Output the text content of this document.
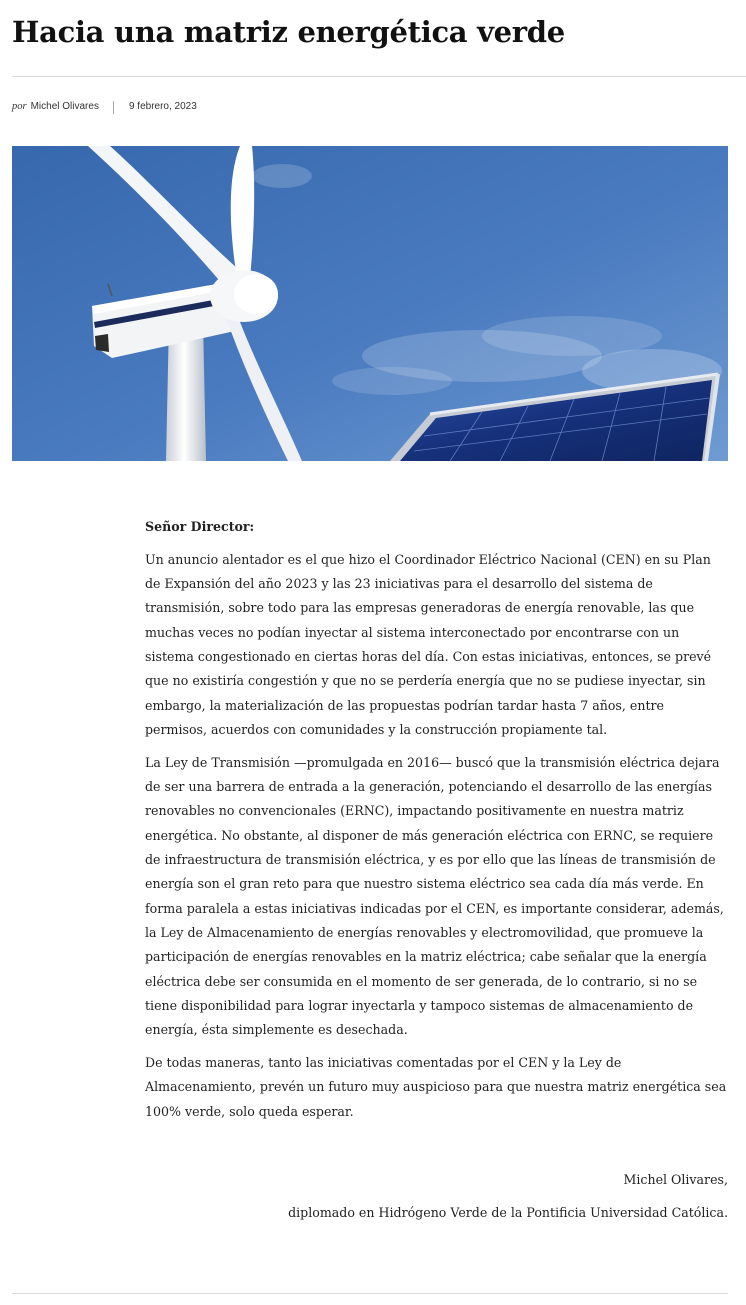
Hacia una matriz energética verde
por Michel Olivares	9 febrero, 2023

Señor Director:

Un anuncio alentador es el que hizo el Coordinador Eléctrico Nacional (CEN) en su Plan de Expansión del año 2023 y las 23 iniciativas para el desarrollo del sistema de transmisión, sobre todo para las empresas generadoras de energía renovable, las que muchas veces no podían inyectar al sistema interconectado por encontrarse con un sistema congestionado en ciertas horas del día. Con estas iniciativas, entonces, se prevé que no existiría congestión y que no se perdería energía que no se pudiese inyectar, sin embargo, la materialización de las propuestas podrían tardar hasta 7 años, entre permisos, acuerdos con comunidades y la construcción propiamente tal.

La Ley de Transmisión —promulgada en 2016— buscó que la transmisión eléctrica dejara de ser una barrera de entrada a la generación, potenciando el desarrollo de las energías renovables no convencionales (ERNC), impactando positivamente en nuestra matriz energética. No obstante, al disponer de más generación eléctrica con ERNC, se requiere de infraestructura de transmisión eléctrica, y es por ello que las líneas de transmisión de energía son el gran reto para que nuestro sistema eléctrico sea cada día más verde. En forma paralela a estas iniciativas indicadas por el CEN, es importante considerar, además, la Ley de Almacenamiento de energías renovables y electromovilidad, que promueve la participación de energías renovables en la matriz eléctrica; cabe señalar que la energía eléctrica debe ser consumida en el momento de ser generada, de lo contrario, si no se tiene disponibilidad para lograr inyectarla y tampoco sistemas de almacenamiento de energía, ésta simplemente es desechada.

De todas maneras, tanto las iniciativas comentadas por el CEN y la Ley de Almacenamiento, prevén un futuro muy auspicioso para que nuestra matriz energética sea 100% verde, solo queda esperar.

Michel Olivares,
diplomado en Hidrógeno Verde de la Pontificia Universidad Católica.
